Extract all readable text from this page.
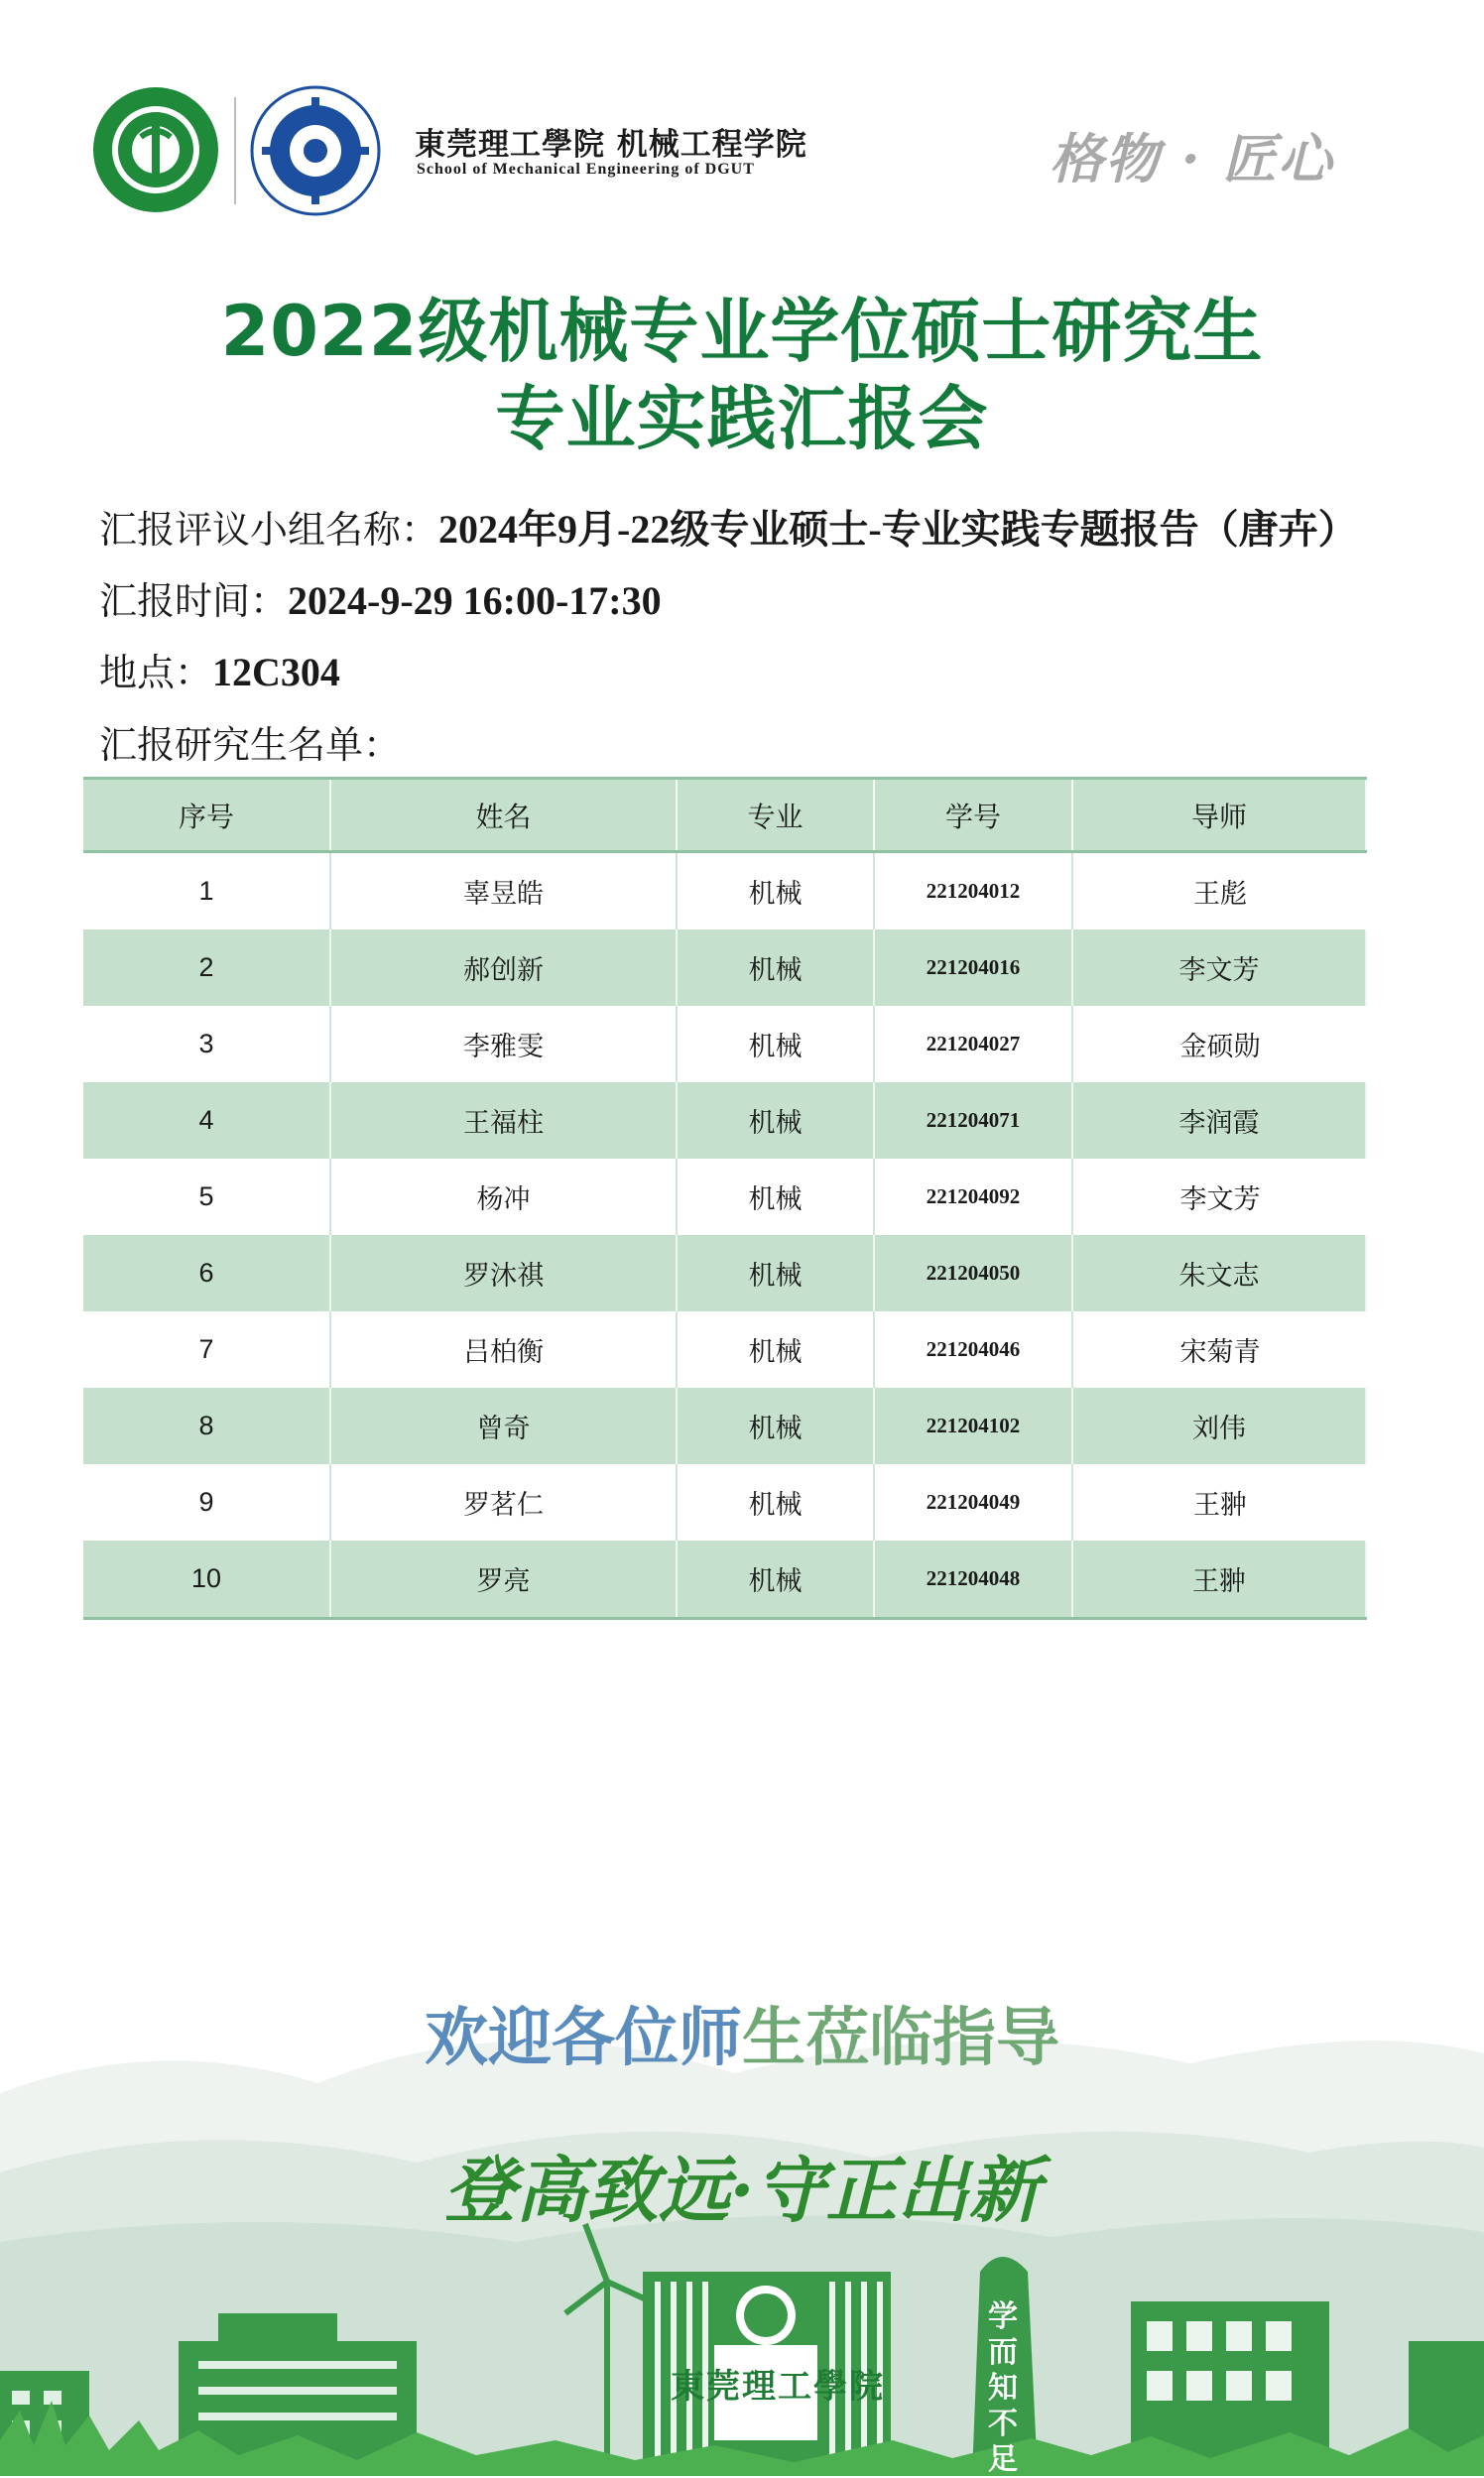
東莞理工學院 机械工程学院
School of Mechanical Engineering of DGUT	格物 · 匠心
2022级机械专业学位硕士研究生
专业实践汇报会
汇报评议小组名称：2024年9月-22级专业硕士-专业实践专题报告（唐卉）
汇报时间：2024-9-29 16:00-17:30
地点：12C304
汇报研究生名单：
序号	姓名	专业	学号	导师
1	辜昱皓	机械	221204012	王彪
2	郝创新	机械	221204016	李文芳
3	李雅雯	机械	221204027	金硕勋
4	王福柱	机械	221204071	李润霞
5	杨冲	机械	221204092	李文芳
6	罗沐祺	机械	221204050	朱文志
7	吕柏衡	机械	221204046	宋菊青
8	曾奇	机械	221204102	刘伟
9	罗茗仁	机械	221204049	王翀
10	罗亮	机械	221204048	王翀
東莞理工學院
学而知不足
欢迎各位师生莅临指导
登高致远·守正出新
